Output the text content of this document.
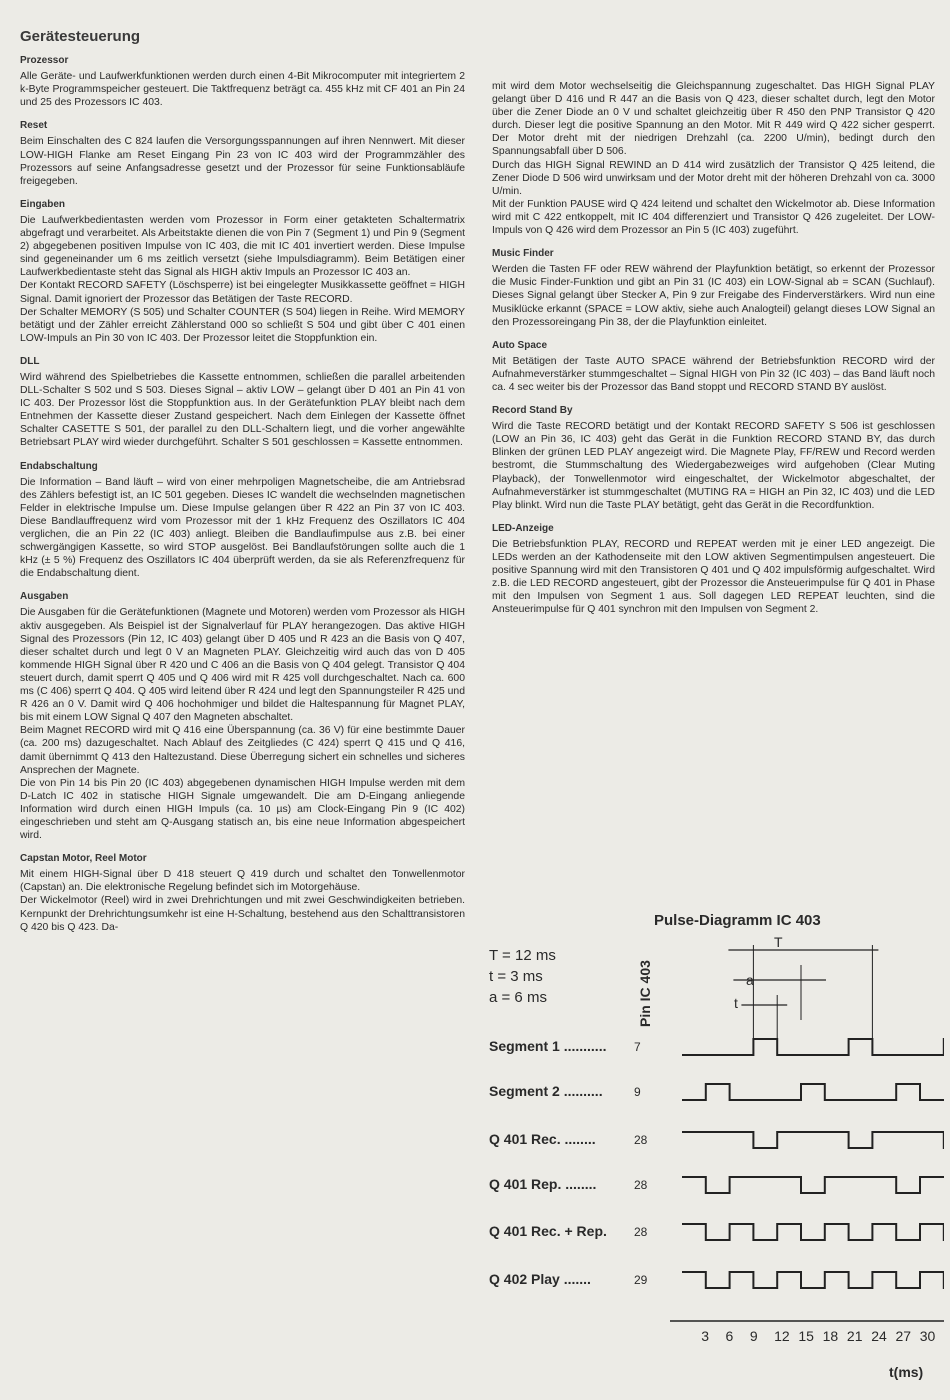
Gerätesteuerung
Prozessor

Alle Geräte- und Laufwerkfunktionen werden durch einen 4-Bit Mikrocomputer mit integriertem 2 k-Byte Programmspeicher gesteuert. Die Taktfrequenz beträgt ca. 455 kHz mit CF 401 an Pin 24 und 25 des Prozessors IC 403.

Reset

Beim Einschalten des C 824 laufen die Versorgungsspannungen auf ihren Nennwert. Mit dieser LOW-HIGH Flanke am Reset Eingang Pin 23 von IC 403 wird der Programmzähler des Prozessors auf seine Anfangsadresse gesetzt und der Prozessor für seine Funktionsabläufe freigegeben.

Eingaben

Die Laufwerkbedientasten werden vom Prozessor in Form einer getakteten Schaltermatrix abgefragt und verarbeitet. Als Arbeitstakte dienen die von Pin 7 (Segment 1) und Pin 9 (Segment 2) abgegebenen positiven Impulse von IC 403, die mit IC 401 invertiert werden. Diese Impulse sind gegeneinander um 6 ms zeitlich versetzt (siehe Impulsdiagramm). Beim Betätigen einer Laufwerkbedientaste steht das Signal als HIGH aktiv Impuls an Prozessor IC 403 an.

Der Kontakt RECORD SAFETY (Löschsperre) ist bei eingelegter Musikkassette geöffnet = HIGH Signal. Damit ignoriert der Prozessor das Betätigen der Taste RECORD.

Der Schalter MEMORY (S 505) und Schalter COUNTER (S 504) liegen in Reihe. Wird MEMORY betätigt und der Zähler erreicht Zählerstand 000 so schließt S 504 und gibt über C 401 einen LOW-Impuls an Pin 30 von IC 403. Der Prozessor leitet die Stoppfunktion ein.

DLL

Wird während des Spielbetriebes die Kassette entnommen, schließen die parallel arbeitenden DLL-Schalter S 502 und S 503. Dieses Signal – aktiv LOW – gelangt über D 401 an Pin 41 von IC 403. Der Prozessor löst die Stoppfunktion aus. In der Gerätefunktion PLAY bleibt nach dem Entnehmen der Kassette dieser Zustand gespeichert. Nach dem Einlegen der Kassette öffnet Schalter CASETTE S 501, der parallel zu den DLL-Schaltern liegt, und die vorher angewählte Betriebsart PLAY wird wieder durchgeführt. Schalter S 501 geschlossen = Kassette entnommen.

Endabschaltung

Die Information – Band läuft – wird von einer mehrpoligen Magnetscheibe, die am Antriebsrad des Zählers befestigt ist, an IC 501 gegeben. Dieses IC wandelt die wechselnden magnetischen Felder in elektrische Impulse um. Diese Impulse gelangen über R 422 an Pin 37 von IC 403. Diese Bandlauffrequenz wird vom Prozessor mit der 1 kHz Frequenz des Oszillators IC 404 verglichen, die an Pin 22 (IC 403) anliegt. Bleiben die Bandlaufimpulse aus z.B. bei einer schwergängigen Kassette, so wird STOP ausgelöst. Bei Bandlaufstörungen sollte auch die 1 kHz (± 5 %) Frequenz des Oszillators IC 404 überprüft werden, da sie als Referenzfrequenz für die Endabschaltung dient.

Ausgaben

Die Ausgaben für die Gerätefunktionen (Magnete und Motoren) werden vom Prozessor als HIGH aktiv ausgegeben. Als Beispiel ist der Signalverlauf für PLAY herangezogen. Das aktive HIGH Signal des Prozessors (Pin 12, IC 403) gelangt über D 405 und R 423 an die Basis von Q 407, dieser schaltet durch und legt 0 V an Magneten PLAY. Gleichzeitig wird auch das von D 405 kommende HIGH Signal über R 420 und C 406 an die Basis von Q 404 gelegt. Transistor Q 404 steuert durch, damit sperrt Q 405 und Q 406 wird mit R 425 voll durchgeschaltet. Nach ca. 600 ms (C 406) sperrt Q 404. Q 405 wird leitend über R 424 und legt den Spannungsteiler R 425 und R 426 an 0 V. Damit wird Q 406 hochohmiger und bildet die Haltespannung für Magnet PLAY, bis mit einem LOW Signal Q 407 den Magneten abschaltet.

Beim Magnet RECORD wird mit Q 416 eine Überspannung (ca. 36 V) für eine bestimmte Dauer (ca. 200 ms) dazugeschaltet. Nach Ablauf des Zeitgliedes (C 424) sperrt Q 415 und Q 416, damit übernimmt Q 413 den Haltezustand. Diese Überregung sichert ein schnelles und sicheres Ansprechen der Magnete.

Die von Pin 14 bis Pin 20 (IC 403) abgegebenen dynamischen HIGH Impulse werden mit dem D-Latch IC 402 in statische HIGH Signale umgewandelt. Die am D-Eingang anliegende Information wird durch einen HIGH Impuls (ca. 10 µs) am Clock-Eingang Pin 9 (IC 402) eingeschrieben und steht am Q-Ausgang statisch an, bis eine neue Information abgespeichert wird.

Capstan Motor, Reel Motor

Mit einem HIGH-Signal über D 418 steuert Q 419 durch und schaltet den Tonwellenmotor (Capstan) an. Die elektronische Regelung befindet sich im Motorgehäuse.

Der Wickelmotor (Reel) wird in zwei Drehrichtungen und mit zwei Geschwindigkeiten betrieben. Kernpunkt der Drehrichtungsumkehr ist eine H-Schaltung, bestehend aus den Schalttransistoren Q 420 bis Q 423. Da-

mit wird dem Motor wechselseitig die Gleichspannung zugeschaltet. Das HIGH Signal PLAY gelangt über D 416 und R 447 an die Basis von Q 423, dieser schaltet durch, legt den Motor über die Zener Diode an 0 V und schaltet gleichzeitig über R 450 den PNP Transistor Q 420 durch. Dieser legt die positive Spannung an den Motor. Mit R 449 wird Q 422 sicher gesperrt. Der Motor dreht mit der niedrigen Drehzahl (ca. 2200 U/min), bedingt durch den Spannungsabfall über D 506.

Durch das HIGH Signal REWIND an D 414 wird zusätzlich der Transistor Q 425 leitend, die Zener Diode D 506 wird unwirksam und der Motor dreht mit der höheren Drehzahl von ca. 3000 U/min.

Mit der Funktion PAUSE wird Q 424 leitend und schaltet den Wickelmotor ab. Diese Information wird mit C 422 entkoppelt, mit IC 404 differenziert und Transistor Q 426 zugeleitet. Der LOW-Impuls von Q 426 wird dem Prozessor an Pin 5 (IC 403) zugeführt.

Music Finder

Werden die Tasten FF oder REW während der Playfunktion betätigt, so erkennt der Prozessor die Music Finder-Funktion und gibt an Pin 31 (IC 403) ein LOW-Signal ab = SCAN (Suchlauf). Dieses Signal gelangt über Stecker A, Pin 9 zur Freigabe des Finderverstärkers. Wird nun eine Musiklücke erkannt (SPACE = LOW aktiv, siehe auch Analogteil) gelangt dieses LOW Signal an den Prozessoreingang Pin 38, der die Playfunktion einleitet.

Auto Space

Mit Betätigen der Taste AUTO SPACE während der Betriebsfunktion RECORD wird der Aufnahmeverstärker stummgeschaltet – Signal HIGH von Pin 32 (IC 403) – das Band läuft noch ca. 4 sec weiter bis der Prozessor das Band stoppt und RECORD STAND BY auslöst.

Record Stand By

Wird die Taste RECORD betätigt und der Kontakt RECORD SAFETY S 506 ist geschlossen (LOW an Pin 36, IC 403) geht das Gerät in die Funktion RECORD STAND BY, das durch Blinken der grünen LED PLAY angezeigt wird. Die Magnete Play, FF/REW und Record werden bestromt, die Stummschaltung des Wiedergabezweiges wird aufgehoben (Clear Muting Playback), der Tonwellenmotor wird eingeschaltet, der Wickelmotor abgeschaltet, der Aufnahmeverstärker ist stummgeschaltet (MUTING RA = HIGH an Pin 32, IC 403) und die LED Play blinkt. Wird nun die Taste PLAY betätigt, geht das Gerät in die Recordfunktion.

LED-Anzeige

Die Betriebsfunktion PLAY, RECORD und REPEAT werden mit je einer LED angezeigt. Die LEDs werden an der Kathodenseite mit den LOW aktiven Segmentimpulsen angesteuert. Die positive Spannung wird mit den Transistoren Q 401 und Q 402 impulsförmig aufgeschaltet. Wird z.B. die LED RECORD angesteuert, gibt der Prozessor die Ansteuerimpulse für Q 401 in Phase mit den Impulsen von Segment 1 aus. Soll dagegen LED REPEAT leuchten, sind die Ansteuerimpulse für Q 401 synchron mit den Impulsen von Segment 2.

Pulse-Diagramm IC 403
T = 12 ms
t = 3 ms
a = 6 ms	Pin IC 403
Segment 1 ........... 7
Segment 2 ..........	9
Q 401 Rec. ........	28
Q 401 Rep. ........	28
Q 401 Rec. + Rep. 28
Q 402 Play .......	29
T
a
t
3 6 9 12 15 18 21 24 27 30
t(ms)
